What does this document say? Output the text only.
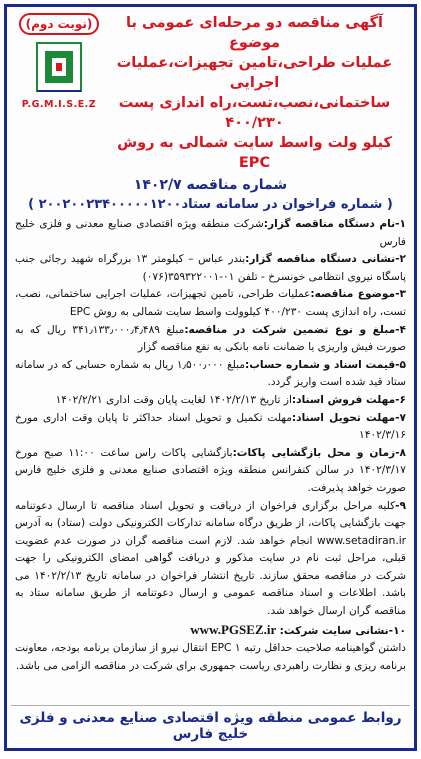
آگهی مناقصه دو مرحله‌ای عمومی با موضوع
عملیات طراحی،تامین تجهیزات،عملیات اجرایی
ساختمانی،نصب،تست،راه اندازی پست ۴۰۰/۲۳۰
کیلو ولت واسط سایت شمالی به روش EPC
(نوبت دوم)
P.G.M.I.S.E.Z
شماره مناقصه ۱۴۰۲/۷
( شماره فراخوان در سامانه ستاد۲۰۰۲۰۰۲۳۴۰۰۰۰۰۱۲۰۰ )

۱-نام دستگاه مناقصه گزار:شرکت منطقه ویژه اقتصادی صنایع معدنی و فلزی خلیج فارس

۲-نشانی دستگاه مناقصه گزار:بندر عباس – کیلومتر ۱۳ بزرگراه شهید رجائی جنب پاسگاه نیروی انتظامی خونسرخ - تلفن ۰۱-۳۵۹۳۲۲۰۰۱(۰۷۶)

۳-موضوع مناقصه:عملیات طراحی، تامین تجهیزات، عملیات اجرایی ساختمانی، نصب، تست، راه اندازی پست ۴۰۰/۲۳۰ کیلوولت واسط سایت شمالی به روش EPC

۴-مبلغ و نوع تضمین شرکت در مناقصه:مبلغ ۳۴۱٫۱۳۳٫۰۰۰٫۴٫۴۸۹ ریال که به صورت فیش واریزی یا ضمانت نامه بانکی به نفع مناقصه گزار

۵-قیمت اسناد و شماره حساب:مبلغ ۱٫۵۰۰٫۰۰۰ ریال به شماره حسابی که در سامانه ستاد قید شده است واریز گردد.

۶-مهلت فروش اسناد:از تاریخ ۱۴۰۲/۲/۱۳ لغایت پایان وقت اداری ۱۴۰۲/۲/۲۱

۷-مهلت تحویل اسناد:مهلت تکمیل و تحویل اسناد حداکثر تا پایان وقت اداری مورخ ۱۴۰۲/۳/۱۶

۸-زمان و محل بازگشایی پاکات:بازگشایی پاکات راس ساعت ۱۱:۰۰ صبح مورخ ۱۴۰۲/۳/۱۷ در سالن کنفرانس منطقه ویژه اقتصادی صنایع معدنی و فلزی خلیج فارس صورت خواهد پذیرفت.

۹-کلیه مراحل برگزاری فراخوان از دریافت و تحویل اسناد مناقصه تا ارسال دعوتنامه جهت بازگشایی پاکات، از طریق درگاه سامانه تدارکات الکترونیکی دولت (ستاد) به آدرس www.setadiran.ir انجام خواهد شد. لازم است مناقصه گران در صورت عدم عضویت قبلی، مراحل ثبت نام در سایت مذکور و دریافت گواهی امضای الکترونیکی را جهت شرکت در مناقصه محقق سازند. تاریخ انتشار فراخوان در سامانه تاریخ ۱۴۰۲/۲/۱۳ می باشد. اطلاعات و اسناد مناقصه عمومی و ارسال دعوتنامه از طریق سامانه ستاد به مناقصه گران ارسال خواهد شد.

۱۰-نشانی سایت شرکت: www.PGSEZ.ir

داشتن گواهینامه صلاحیت حداقل رتبه ۱ EPC انتقال نیرو از سازمان برنامه بودجه، معاونت برنامه ریزی و نظارت راهبردی ریاست جمهوری برای شرکت در مناقصه الزامی می باشد.

روابط عمومی منطقه ویژه اقتصادی صنایع معدنی و فلزی خلیج فارس
